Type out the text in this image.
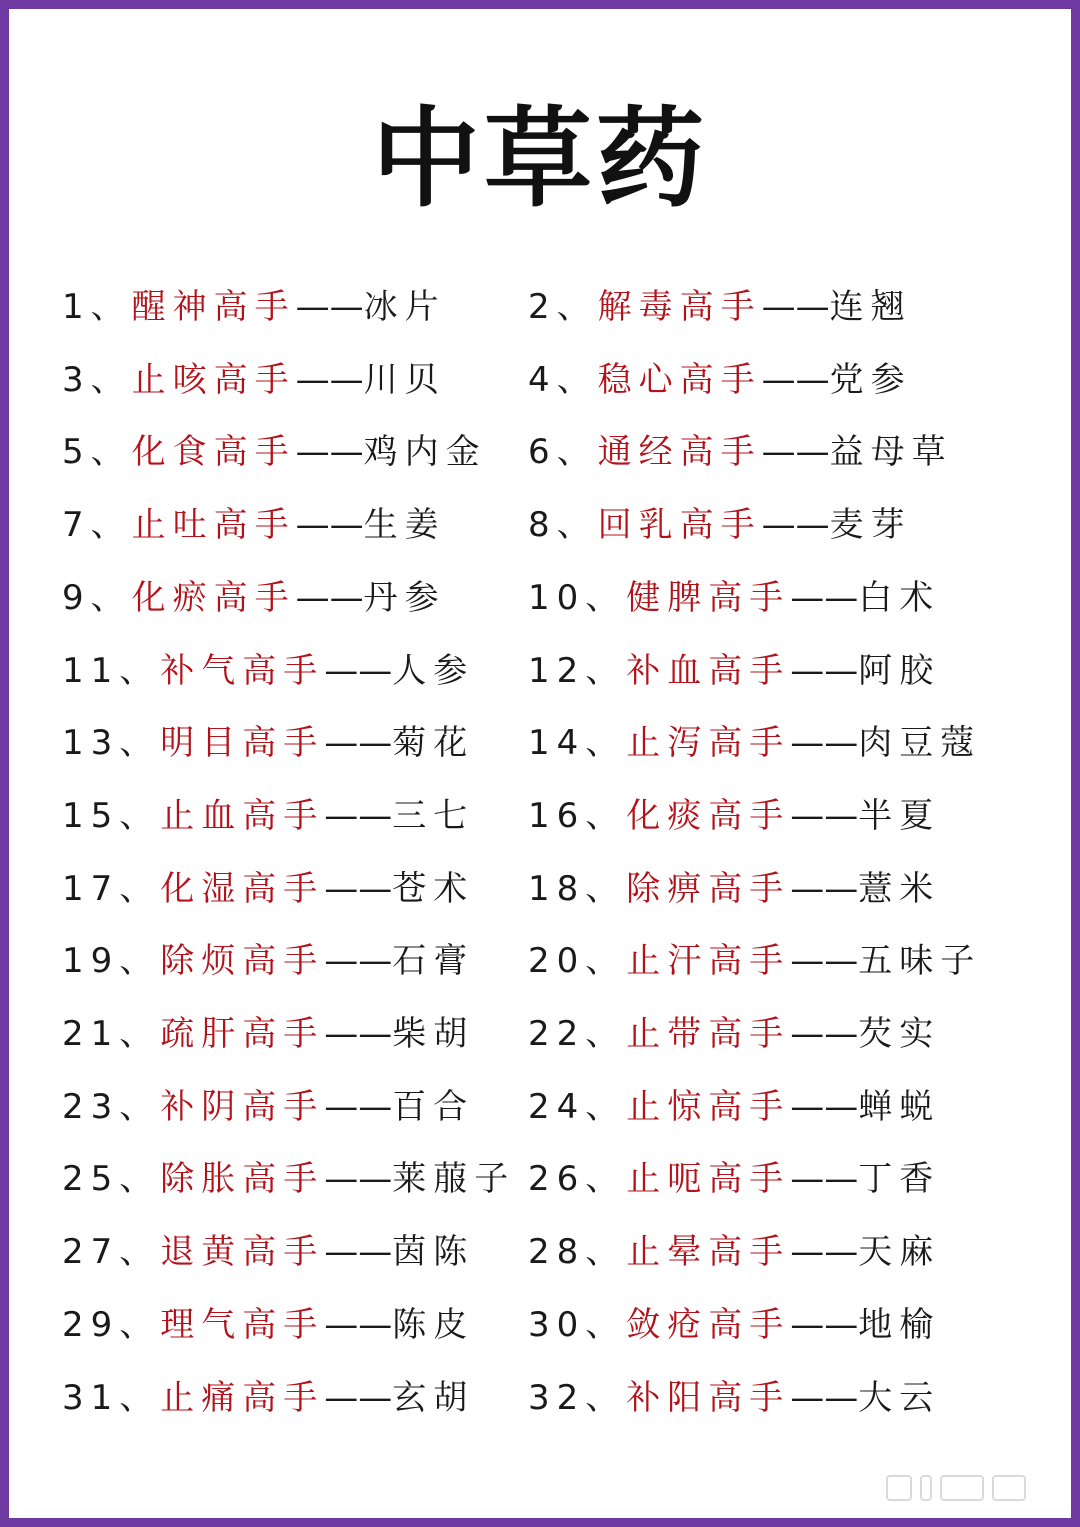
中草药
1、醒神高手——冰片 2、解毒高手——连翘
3、止咳高手——川贝 4、稳心高手——党参
5、化食高手——鸡内金 6、通经高手——益母草
7、止吐高手——生姜 8、回乳高手——麦芽
9、化瘀高手——丹参 10、健脾高手——白术
11、补气高手——人参 12、补血高手——阿胶
13、明目高手——菊花 14、止泻高手——肉豆蔻
15、止血高手——三七 16、化痰高手——半夏
17、化湿高手——苍术 18、除痹高手——薏米
19、除烦高手——石膏 20、止汗高手——五味子
21、疏肝高手——柴胡 22、止带高手——芡实
23、补阴高手——百合 24、止惊高手——蝉蜕
25、除胀高手——莱菔子 26、止呃高手——丁香
27、退黄高手——茵陈 28、止晕高手——天麻
29、理气高手——陈皮 30、敛疮高手——地榆
31、止痛高手——玄胡 32、补阳高手——大云
